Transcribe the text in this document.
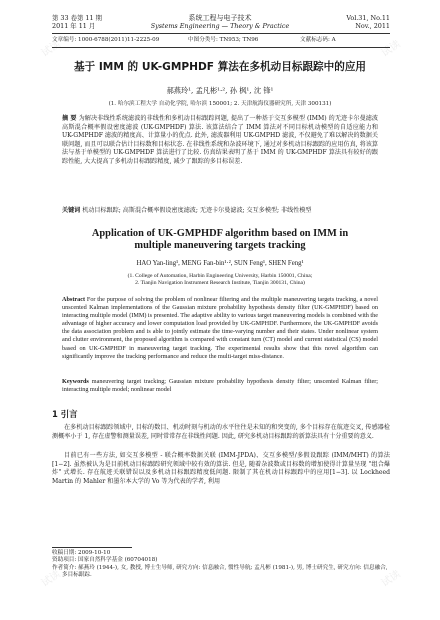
试读	试读
试读	试读
第 33 卷第 11 期
2011 年 11 月
系统工程与电子技术
Systems Engineering — Theory & Practice
Vol.31, No.11
Nov., 2011
文章编号: 1000-6788(2011)11-2225-09	中图分类号: TN953; TN96	文献标志码: A
基于 IMM 的 UK-GMPHDF 算法在多机动目标跟踪中的应用
郝燕玲¹, 孟凡彬¹·², 孙 枫¹, 沈 锋¹
(1. 哈尔滨工程大学 自动化学院, 哈尔滨 150001; 2. 天津航海仪器研究所, 天津 300131)
摘 要 为解决非线性系统滤波的非线性和多机动目标跟踪问题, 提出了一种基于交互多模型 (IMM) 的无迹卡尔曼滤波高斯混合概率假设密度滤波 (UK-GMPHDF) 算法. 该算法结合了 IMM 算法对不同目标机动模型的自适应能力和 UK-GMPHDF 滤波的精度高、计算量小的优点. 此外, 滤波器利用 UK-GMPHD 滤波, 不仅避免了难以解决的数据关联问题, 而且可以联合估计目标数和目标状态. 在非线性系统和杂波环境下, 通过对多机动目标跟踪的应用仿真, 将该算法与基于单模型的 UK-GMPHDF 算法进行了比较. 仿真结果表明了基于 IMM 的 UK-GMPHDF 算法具有较好的跟踪性能, 大大提高了多机动目标跟踪精度, 减少了跟踪的多目标误差.
关键词 机动目标跟踪; 高斯混合概率假设密度滤波; 无迹卡尔曼滤波; 交互多模型; 非线性模型
Application of UK-GMPHDF algorithm based on IMM in
multiple maneuvering targets tracking
HAO Yan-ling¹, MENG Fan-bin¹·², SUN Feng¹, SHEN Feng¹
(1. College of Automation, Harbin Engineering University, Harbin 150001, China;
2. Tianjin Navigation Instrument Research Institute, Tianjin 300131, China)
Abstract For the purpose of solving the problem of nonlinear filtering and the multiple maneuvering targets tracking, a novel unscented Kalman implementations of the Gaussian mixture probability hypothesis density filter (UK-GMPHDF) based on interacting multiple model (IMM) is presented. The adaptive ability to various target maneuvering models is combined with the advantage of higher accuracy and lower computation load provided by UK-GMPHDF. Furthermore, the UK-GMPHDF avoids the data association problem and is able to jointly estimate the time-varying number and their states. Under nonlinear system and clutter environment, the proposed algorithm is compared with constant turn (CT) model and current statistical (CS) model based on UK-GMPHDF in maneuvering target tracking. The experimental results show that this novel algorithm can significantly improve the tracking performance and reduce the multi-target miss-distance.
Keywords maneuvering target tracking; Gaussian mixture probability hypothesis density filter; unscented Kalman filter; interacting multiple model; nonlinear model
1 引言
在多机动目标跟踪领域中, 目标的数目、机动时刻与机动的水平往往是未知的和突变的, 多个目标存在航迹交叉, 传感器检测概率小于 1, 存在虚警和测量误差, 同时常常存在非线性问题. 因此, 研究多机动目标跟踪的新算法具有十分重要的意义.
目前已有一些方法, 如交互多模型 - 联合概率数据关联 (IMM-JPDA)、交互多模型/多假设跟踪 (IMM/MHT) 的算法[1−2]. 虽然被认为是目前机动目标跟踪研究领域中较有效的算法. 但是, 随着杂波数或目标数的增加使得计算量呈现 "组合爆炸" 式增长. 存在航迹关联错误以及多机动目标跟踪精度低问题. 限制了其在机动目标跟踪中的应用[1−3]. 以 Lockheed Martin 的 Mahler 和墨尔本大学的 Vo 等为代表的学者, 利用
收稿日期: 2009-10-10
资助项目: 国家自然科学基金 (60704018)
作者简介: 郝燕玲 (1944-), 女, 教授, 博士生导师, 研究方向: 信息融合, 惯性导航; 孟凡彬 (1981-), 男, 博士研究生, 研究方向: 信息融合, 多目标跟踪.
